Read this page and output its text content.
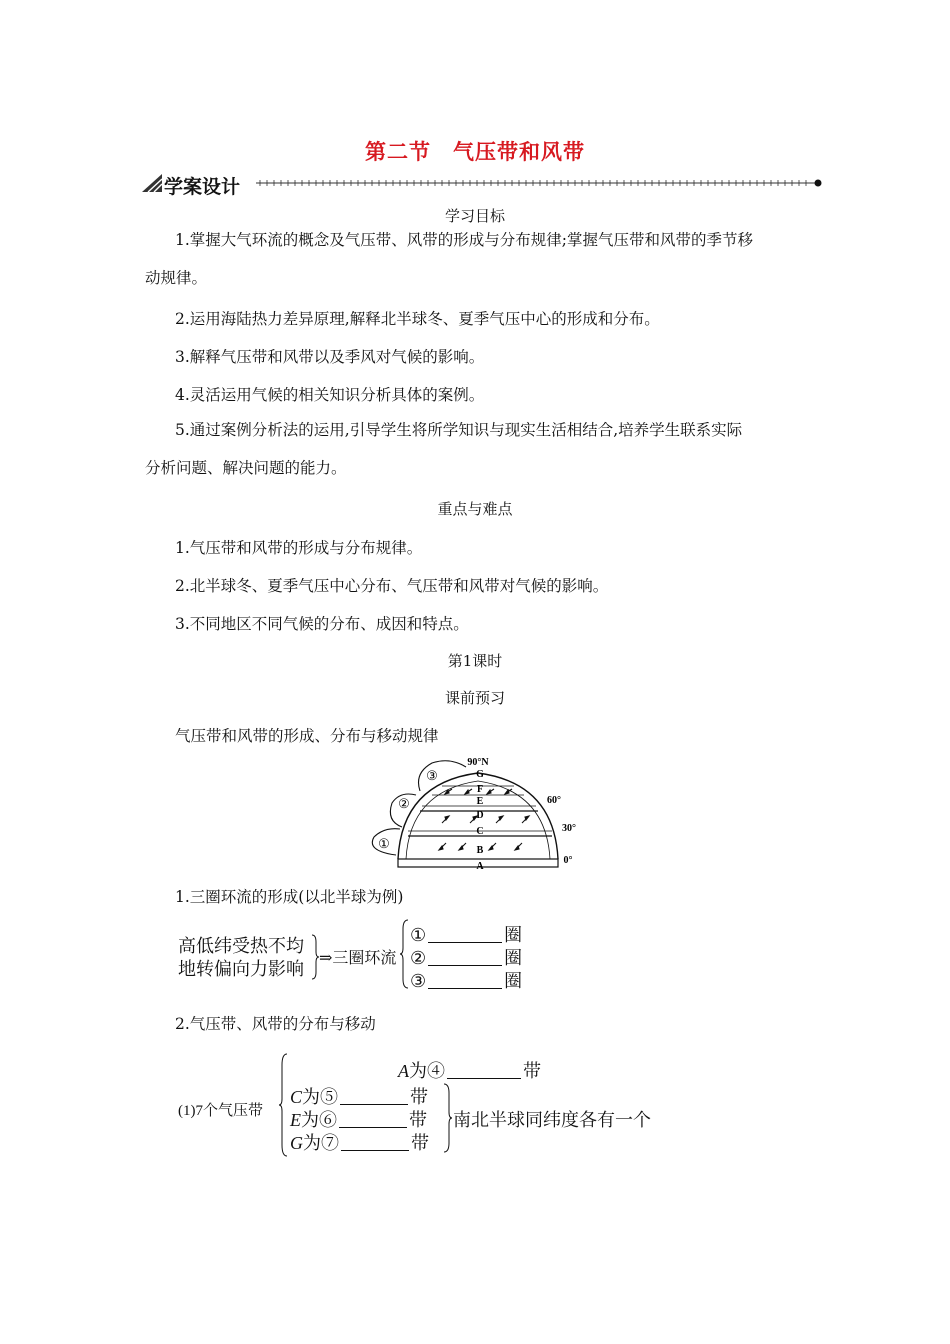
第二节　气压带和风带
学案设计
学习目标
1.掌握大气环流的概念及气压带、风带的形成与分布规律;掌握气压带和风带的季节移
动规律。
2.运用海陆热力差异原理,解释北半球冬、夏季气压中心的形成和分布。
3.解释气压带和风带以及季风对气候的影响。
4.灵活运用气候的相关知识分析具体的案例。
5.通过案例分析法的运用,引导学生将所学知识与现实生活相结合,培养学生联系实际
分析问题、解决问题的能力。
重点与难点
1.气压带和风带的形成与分布规律。
2.北半球冬、夏季气压中心分布、气压带和风带对气候的影响。
3.不同地区不同气候的分布、成因和特点。
第1课时
课前预习
气压带和风带的形成、分布与移动规律
①
②
③
90°N
G
F
E
D
C
B
A
60°
30°
0°
1.三圈环流的形成(以北半球为例)
高低纬受热不均
地转偏向力影响
⇒三圈环流
①	圈
②	圈
③	圈
2.气压带、风带的分布与移动
(1)7个气压带
A为④	带
C为⑤	带
E为⑥	带
G为⑦	带
南北半球同纬度各有一个
